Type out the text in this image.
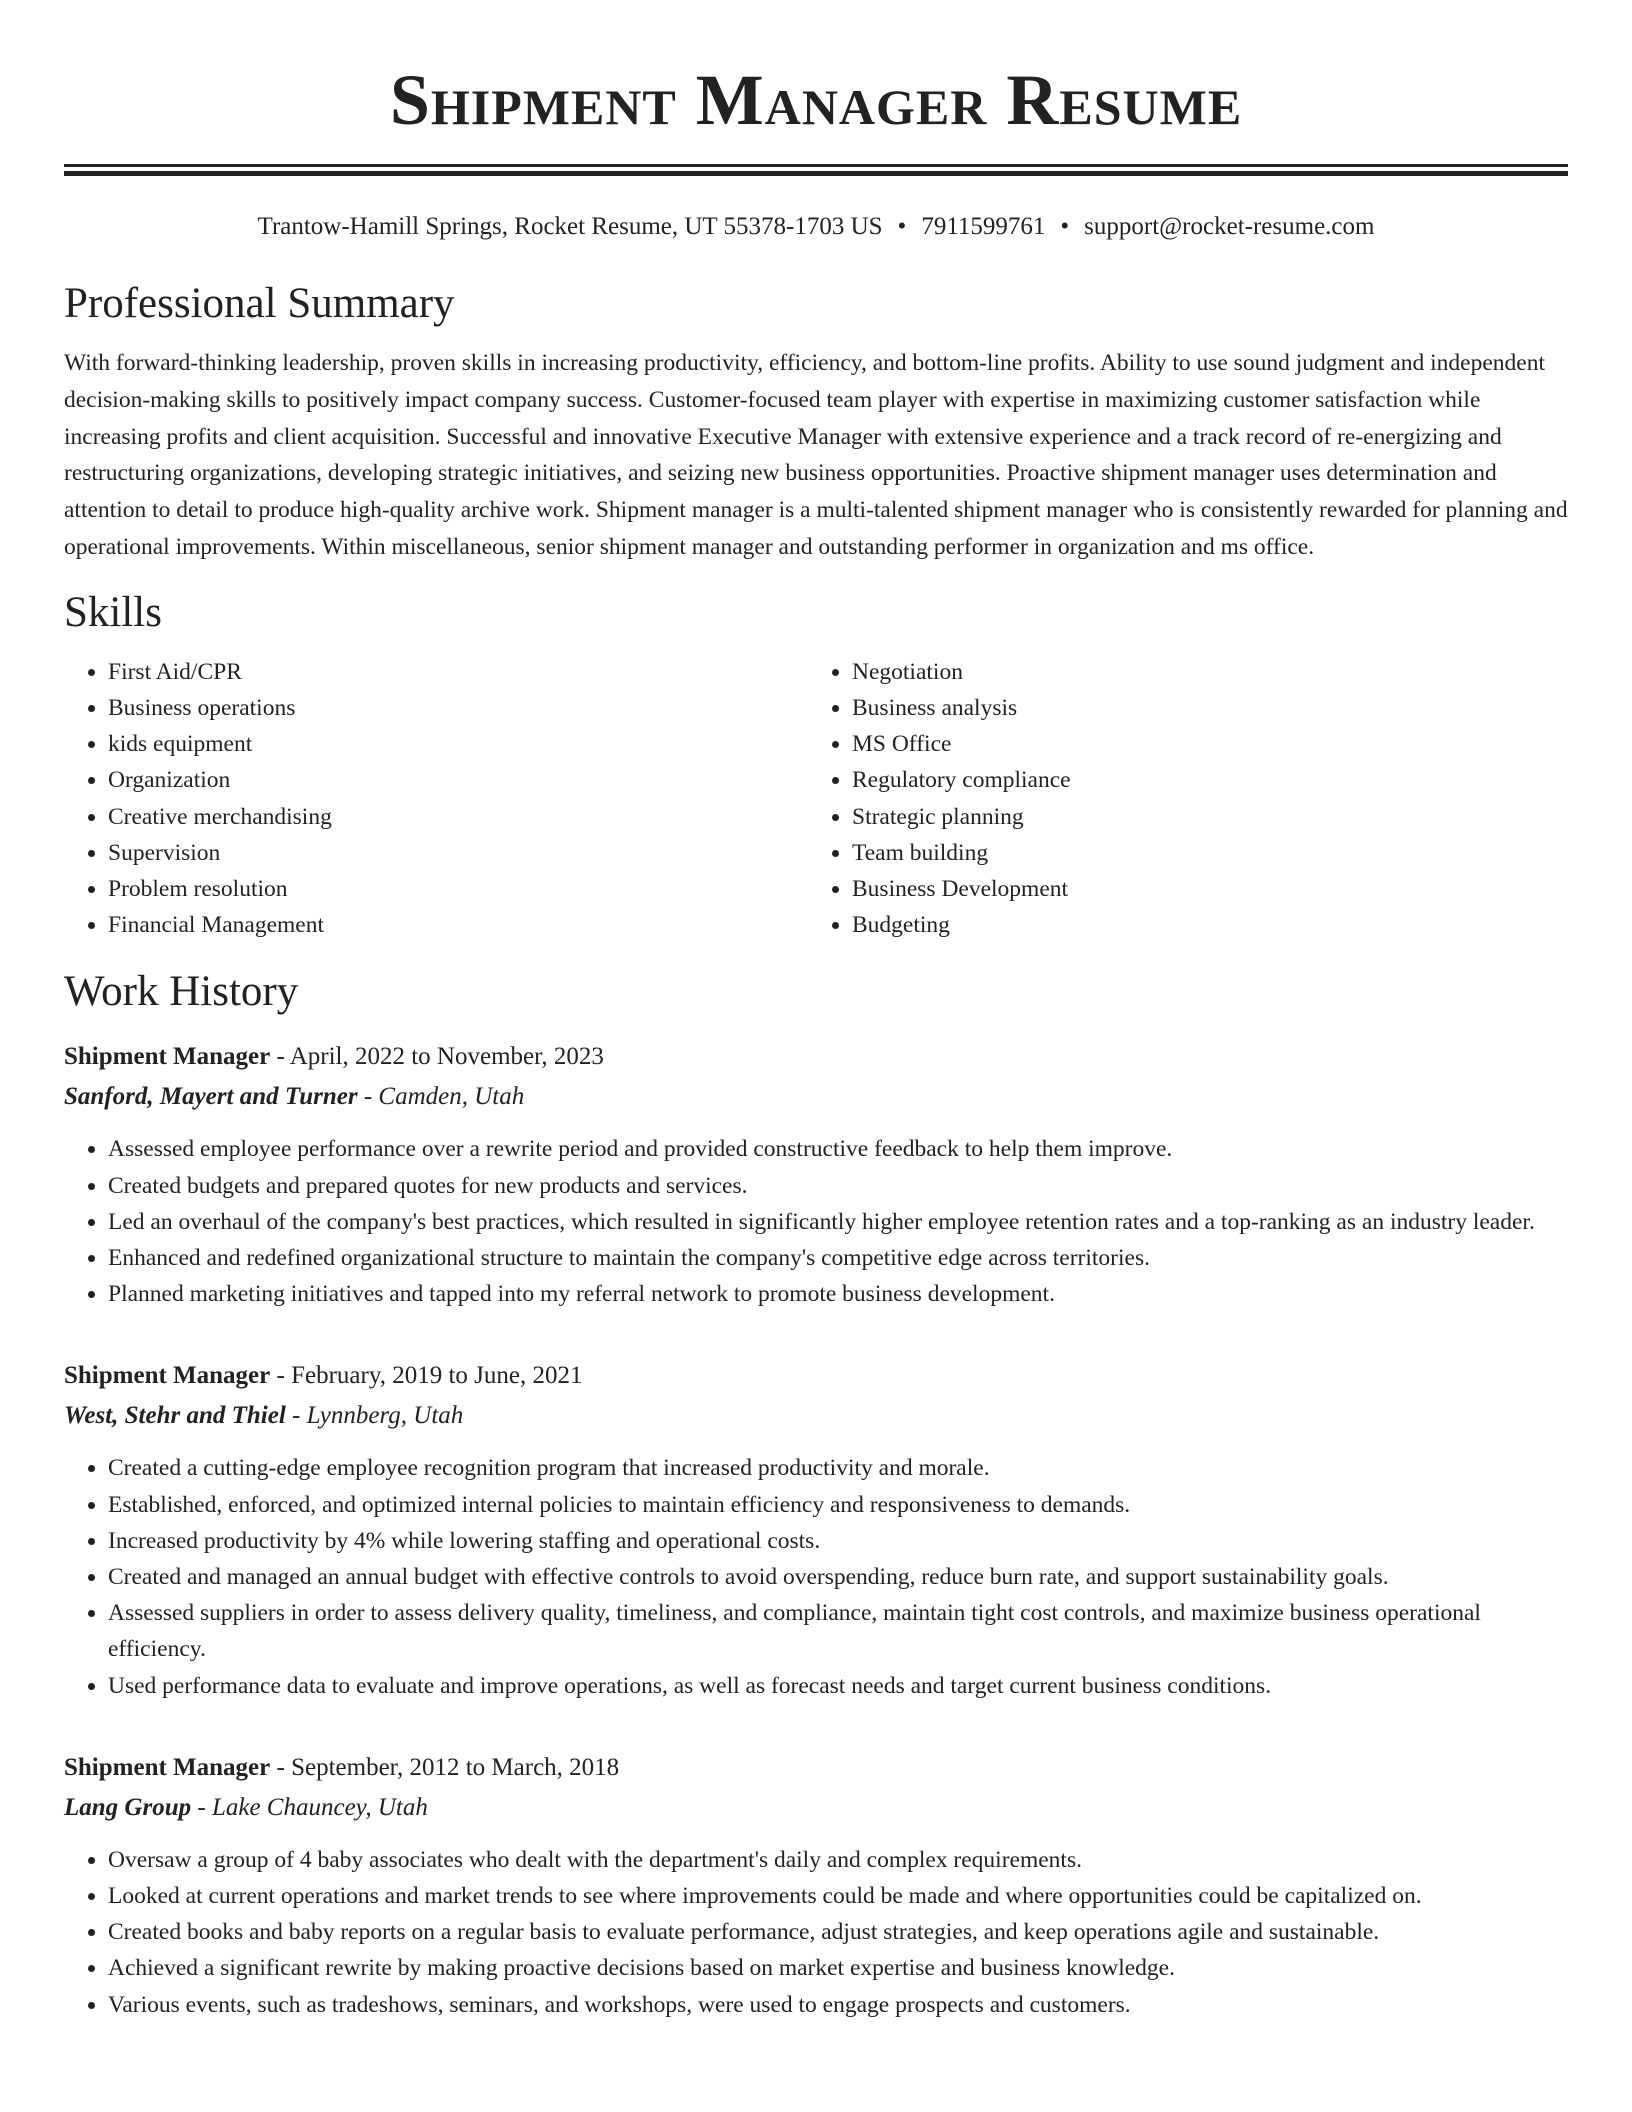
Shipment Manager Resume
Trantow-Hamill Springs, Rocket Resume, UT 55378-1703 US • 7911599761 • support@rocket-resume.com
Professional Summary

With forward-thinking leadership, proven skills in increasing productivity, efficiency, and bottom-line profits. Ability to use sound judgment and independent decision-making skills to positively impact company success. Customer-focused team player with expertise in maximizing customer satisfaction while increasing profits and client acquisition. Successful and innovative Executive Manager with extensive experience and a track record of re-energizing and restructuring organizations, developing strategic initiatives, and seizing new business opportunities. Proactive shipment manager uses determination and attention to detail to produce high-quality archive work. Shipment manager is a multi-talented shipment manager who is consistently rewarded for planning and operational improvements. Within miscellaneous, senior shipment manager and outstanding performer in organization and ms office.

Skills
• First Aid/CPR
• Business operations
• kids equipment
• Organization
• Creative merchandising
• Supervision
• Problem resolution
• Financial Management
• Negotiation
• Business analysis
• MS Office
• Regulatory compliance
• Strategic planning
• Team building
• Business Development
• Budgeting
Work History
Shipment Manager - April, 2022 to November, 2023
Sanford, Mayert and Turner - Camden, Utah
• Assessed employee performance over a rewrite period and provided constructive feedback to help them improve.
• Created budgets and prepared quotes for new products and services.
• Led an overhaul of the company's best practices, which resulted in significantly higher employee retention rates and a top-ranking as an industry leader.
• Enhanced and redefined organizational structure to maintain the company's competitive edge across territories.
• Planned marketing initiatives and tapped into my referral network to promote business development.
Shipment Manager - February, 2019 to June, 2021
West, Stehr and Thiel - Lynnberg, Utah
• Created a cutting-edge employee recognition program that increased productivity and morale.
• Established, enforced, and optimized internal policies to maintain efficiency and responsiveness to demands.
• Increased productivity by 4% while lowering staffing and operational costs.
• Created and managed an annual budget with effective controls to avoid overspending, reduce burn rate, and support sustainability goals.
• Assessed suppliers in order to assess delivery quality, timeliness, and compliance, maintain tight cost controls, and maximize business operational efficiency.
• Used performance data to evaluate and improve operations, as well as forecast needs and target current business conditions.
Shipment Manager - September, 2012 to March, 2018
Lang Group - Lake Chauncey, Utah
• Oversaw a group of 4 baby associates who dealt with the department's daily and complex requirements.
• Looked at current operations and market trends to see where improvements could be made and where opportunities could be capitalized on.
• Created books and baby reports on a regular basis to evaluate performance, adjust strategies, and keep operations agile and sustainable.
• Achieved a significant rewrite by making proactive decisions based on market expertise and business knowledge.
• Various events, such as tradeshows, seminars, and workshops, were used to engage prospects and customers.
